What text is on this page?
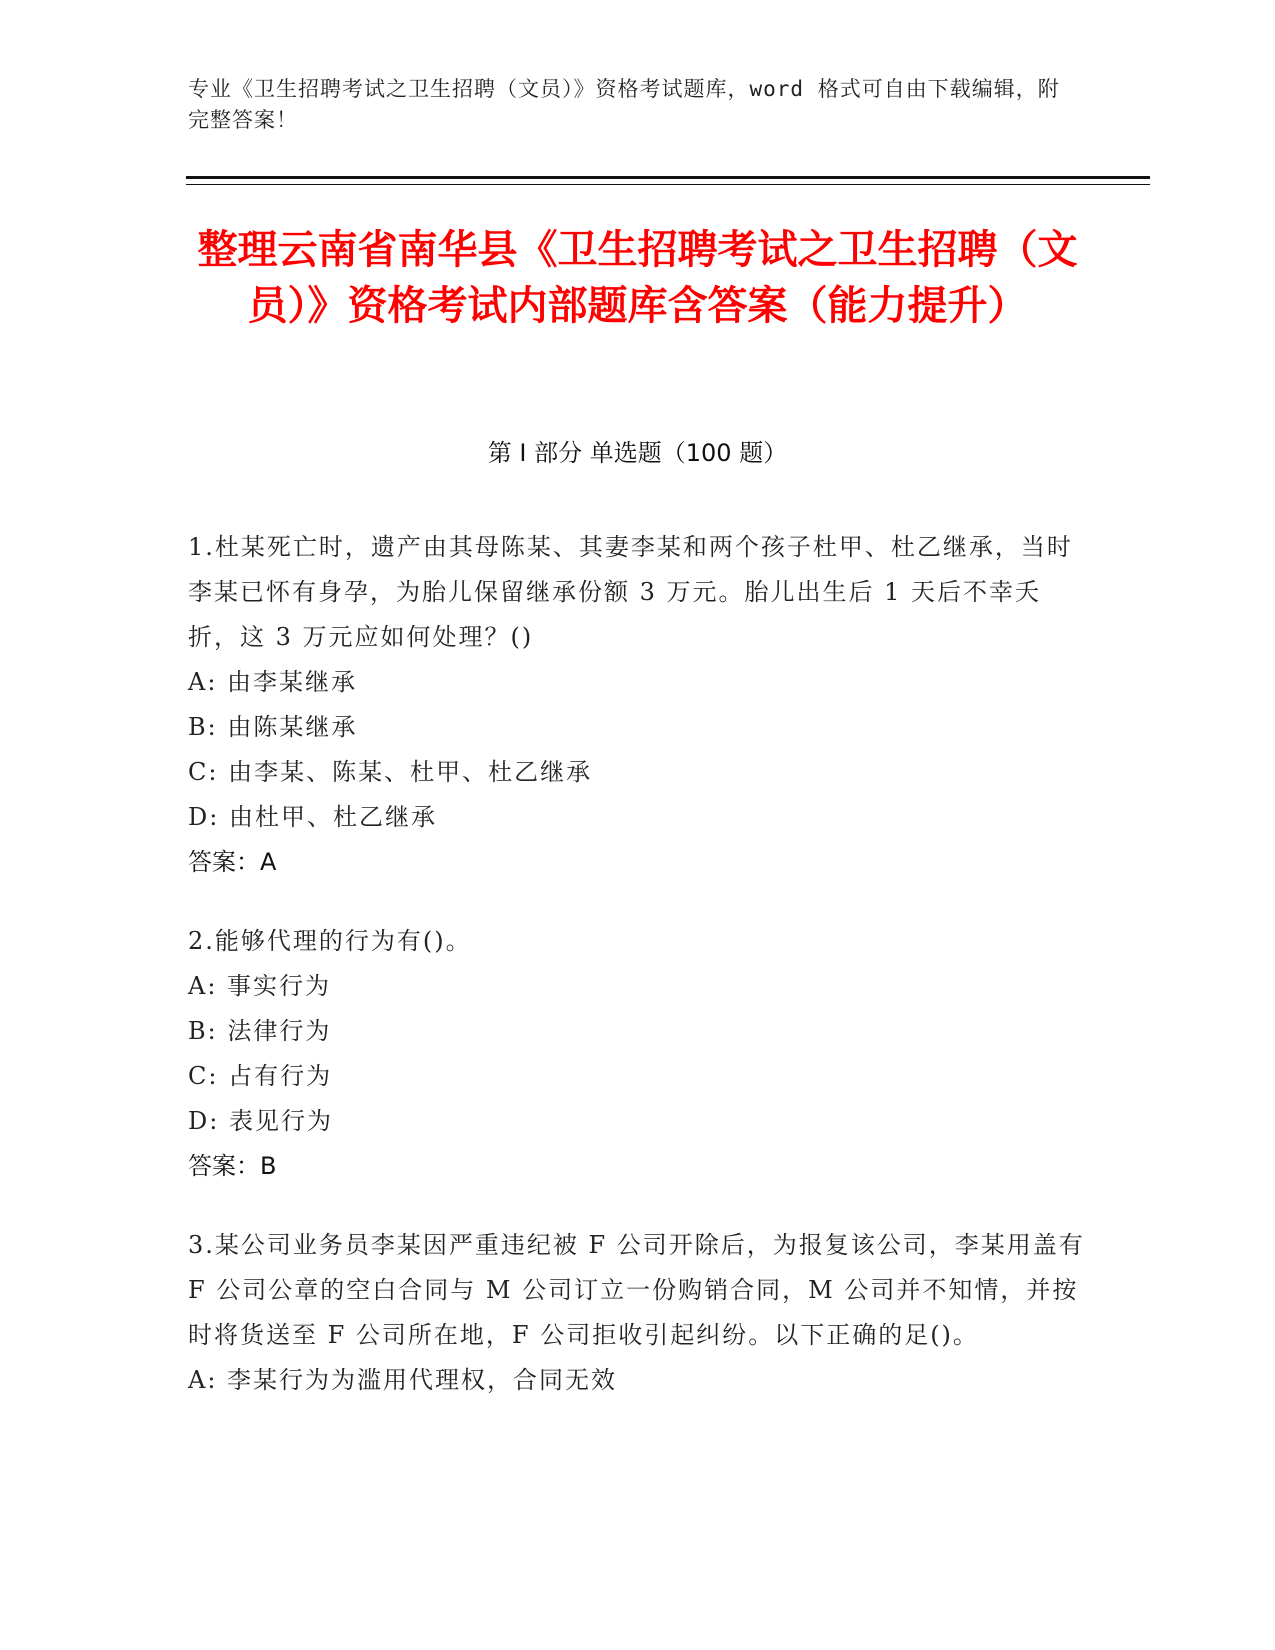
专业《卫生招聘考试之卫生招聘（文员）》资格考试题库，word 格式可自由下载编辑，附完整答案！
整理云南省南华县《卫生招聘考试之卫生招聘（文员）》资格考试内部题库含答案（能力提升）
第 I 部分 单选题（100 题）
1.杜某死亡时，遗产由其母陈某、其妻李某和两个孩子杜甲、杜乙继承，当时李某已怀有身孕，为胎儿保留继承份额 3 万元。胎儿出生后 1 天后不幸夭折，这 3 万元应如何处理？()
A: 由李某继承
B: 由陈某继承
C: 由李某、陈某、杜甲、杜乙继承
D: 由杜甲、杜乙继承
答案：A
2.能够代理的行为有()。
A: 事实行为
B: 法律行为
C: 占有行为
D: 表见行为
答案：B
3.某公司业务员李某因严重违纪被 F 公司开除后，为报复该公司，李某用盖有 F 公司公章的空白合同与 M 公司订立一份购销合同，M 公司并不知情，并按时将货送至 F 公司所在地，F 公司拒收引起纠纷。以下正确的足()。
A: 李某行为为滥用代理权，合同无效
